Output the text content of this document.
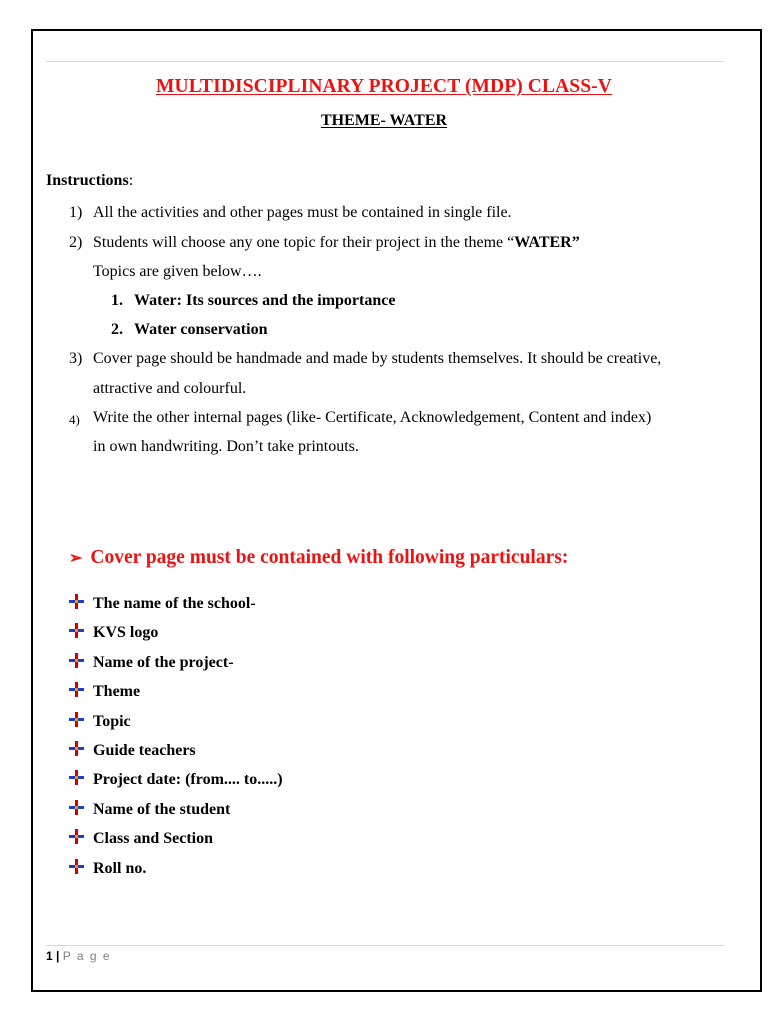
MULTIDISCIPLINARY PROJECT (MDP) CLASS-V
THEME- WATER
Instructions:
1) All the activities and other pages must be contained in single file.
2) Students will choose any one topic for their project in the theme “WATER”
Topics are given below….
1. Water: Its sources and the importance
2. Water conservation
3) Cover page should be handmade and made by students themselves. It should be creative,
attractive and colourful.
4) Write the other internal pages (like- Certificate, Acknowledgement, Content and index)
in own handwriting. Don’t take printouts.
➢ Cover page must be contained with following particulars:
The name of the school-
KVS logo
Name of the project-
Theme
Topic
Guide teachers
Project date: (from.... to.....)
Name of the student
Class and Section
Roll no.
1 | P a g e
